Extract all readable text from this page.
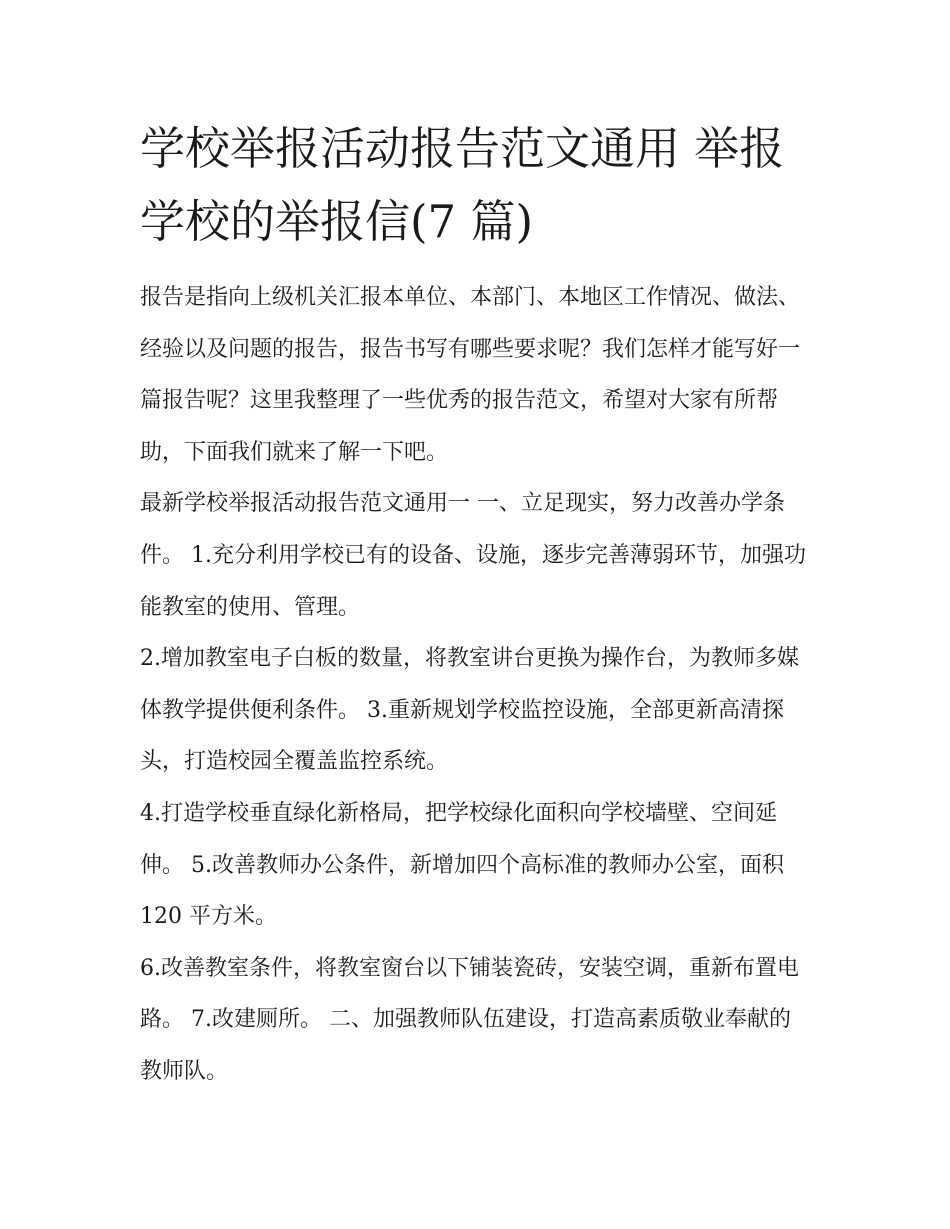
学校举报活动报告范文通用 举报学校的举报信(7 篇)

报告是指向上级机关汇报本单位、本部门、本地区工作情况、做法、经验以及问题的报告，报告书写有哪些要求呢？我们怎样才能写好一篇报告呢？这里我整理了一些优秀的报告范文，希望对大家有所帮助，下面我们就来了解一下吧。

最新学校举报活动报告范文通用一 一、立足现实，努力改善办学条件。 1.充分利用学校已有的设备、设施，逐步完善薄弱环节，加强功能教室的使用、管理。

2.增加教室电子白板的数量，将教室讲台更换为操作台，为教师多媒体教学提供便利条件。 3.重新规划学校监控设施，全部更新高清探头，打造校园全覆盖监控系统。

4.打造学校垂直绿化新格局，把学校绿化面积向学校墙壁、空间延伸。 5.改善教师办公条件，新增加四个高标准的教师办公室，面积 120 平方米。

6.改善教室条件，将教室窗台以下铺装瓷砖，安装空调，重新布置电路。 7.改建厕所。 二、加强教师队伍建设，打造高素质敬业奉献的教师队。
